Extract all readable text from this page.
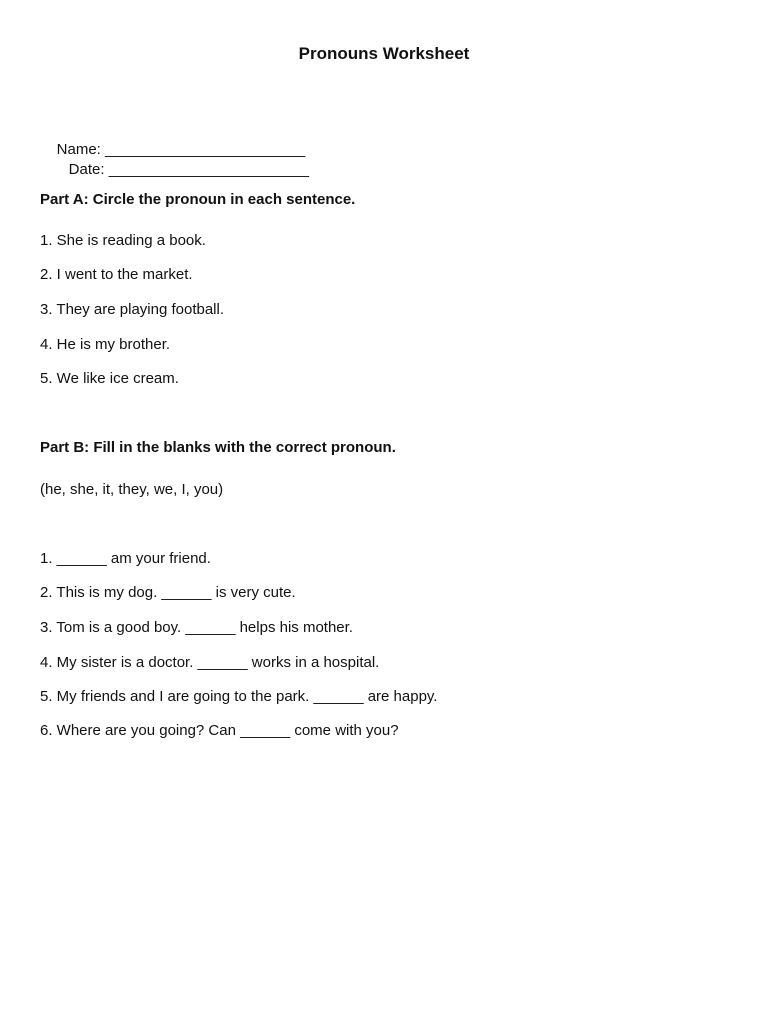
Pronouns Worksheet

Name: ________________________
Date: ________________________

Part A: Circle the pronoun in each sentence.

1. She is reading a book.

2. I went to the market.

3. They are playing football.

4. He is my brother.

5. We like ice cream.

Part B: Fill in the blanks with the correct pronoun.

(he, she, it, they, we, I, you)

1. ______ am your friend.

2. This is my dog. ______ is very cute.

3. Tom is a good boy. ______ helps his mother.

4. My sister is a doctor. ______ works in a hospital.

5. My friends and I are going to the park. ______ are happy.

6. Where are you going? Can ______ come with you?
